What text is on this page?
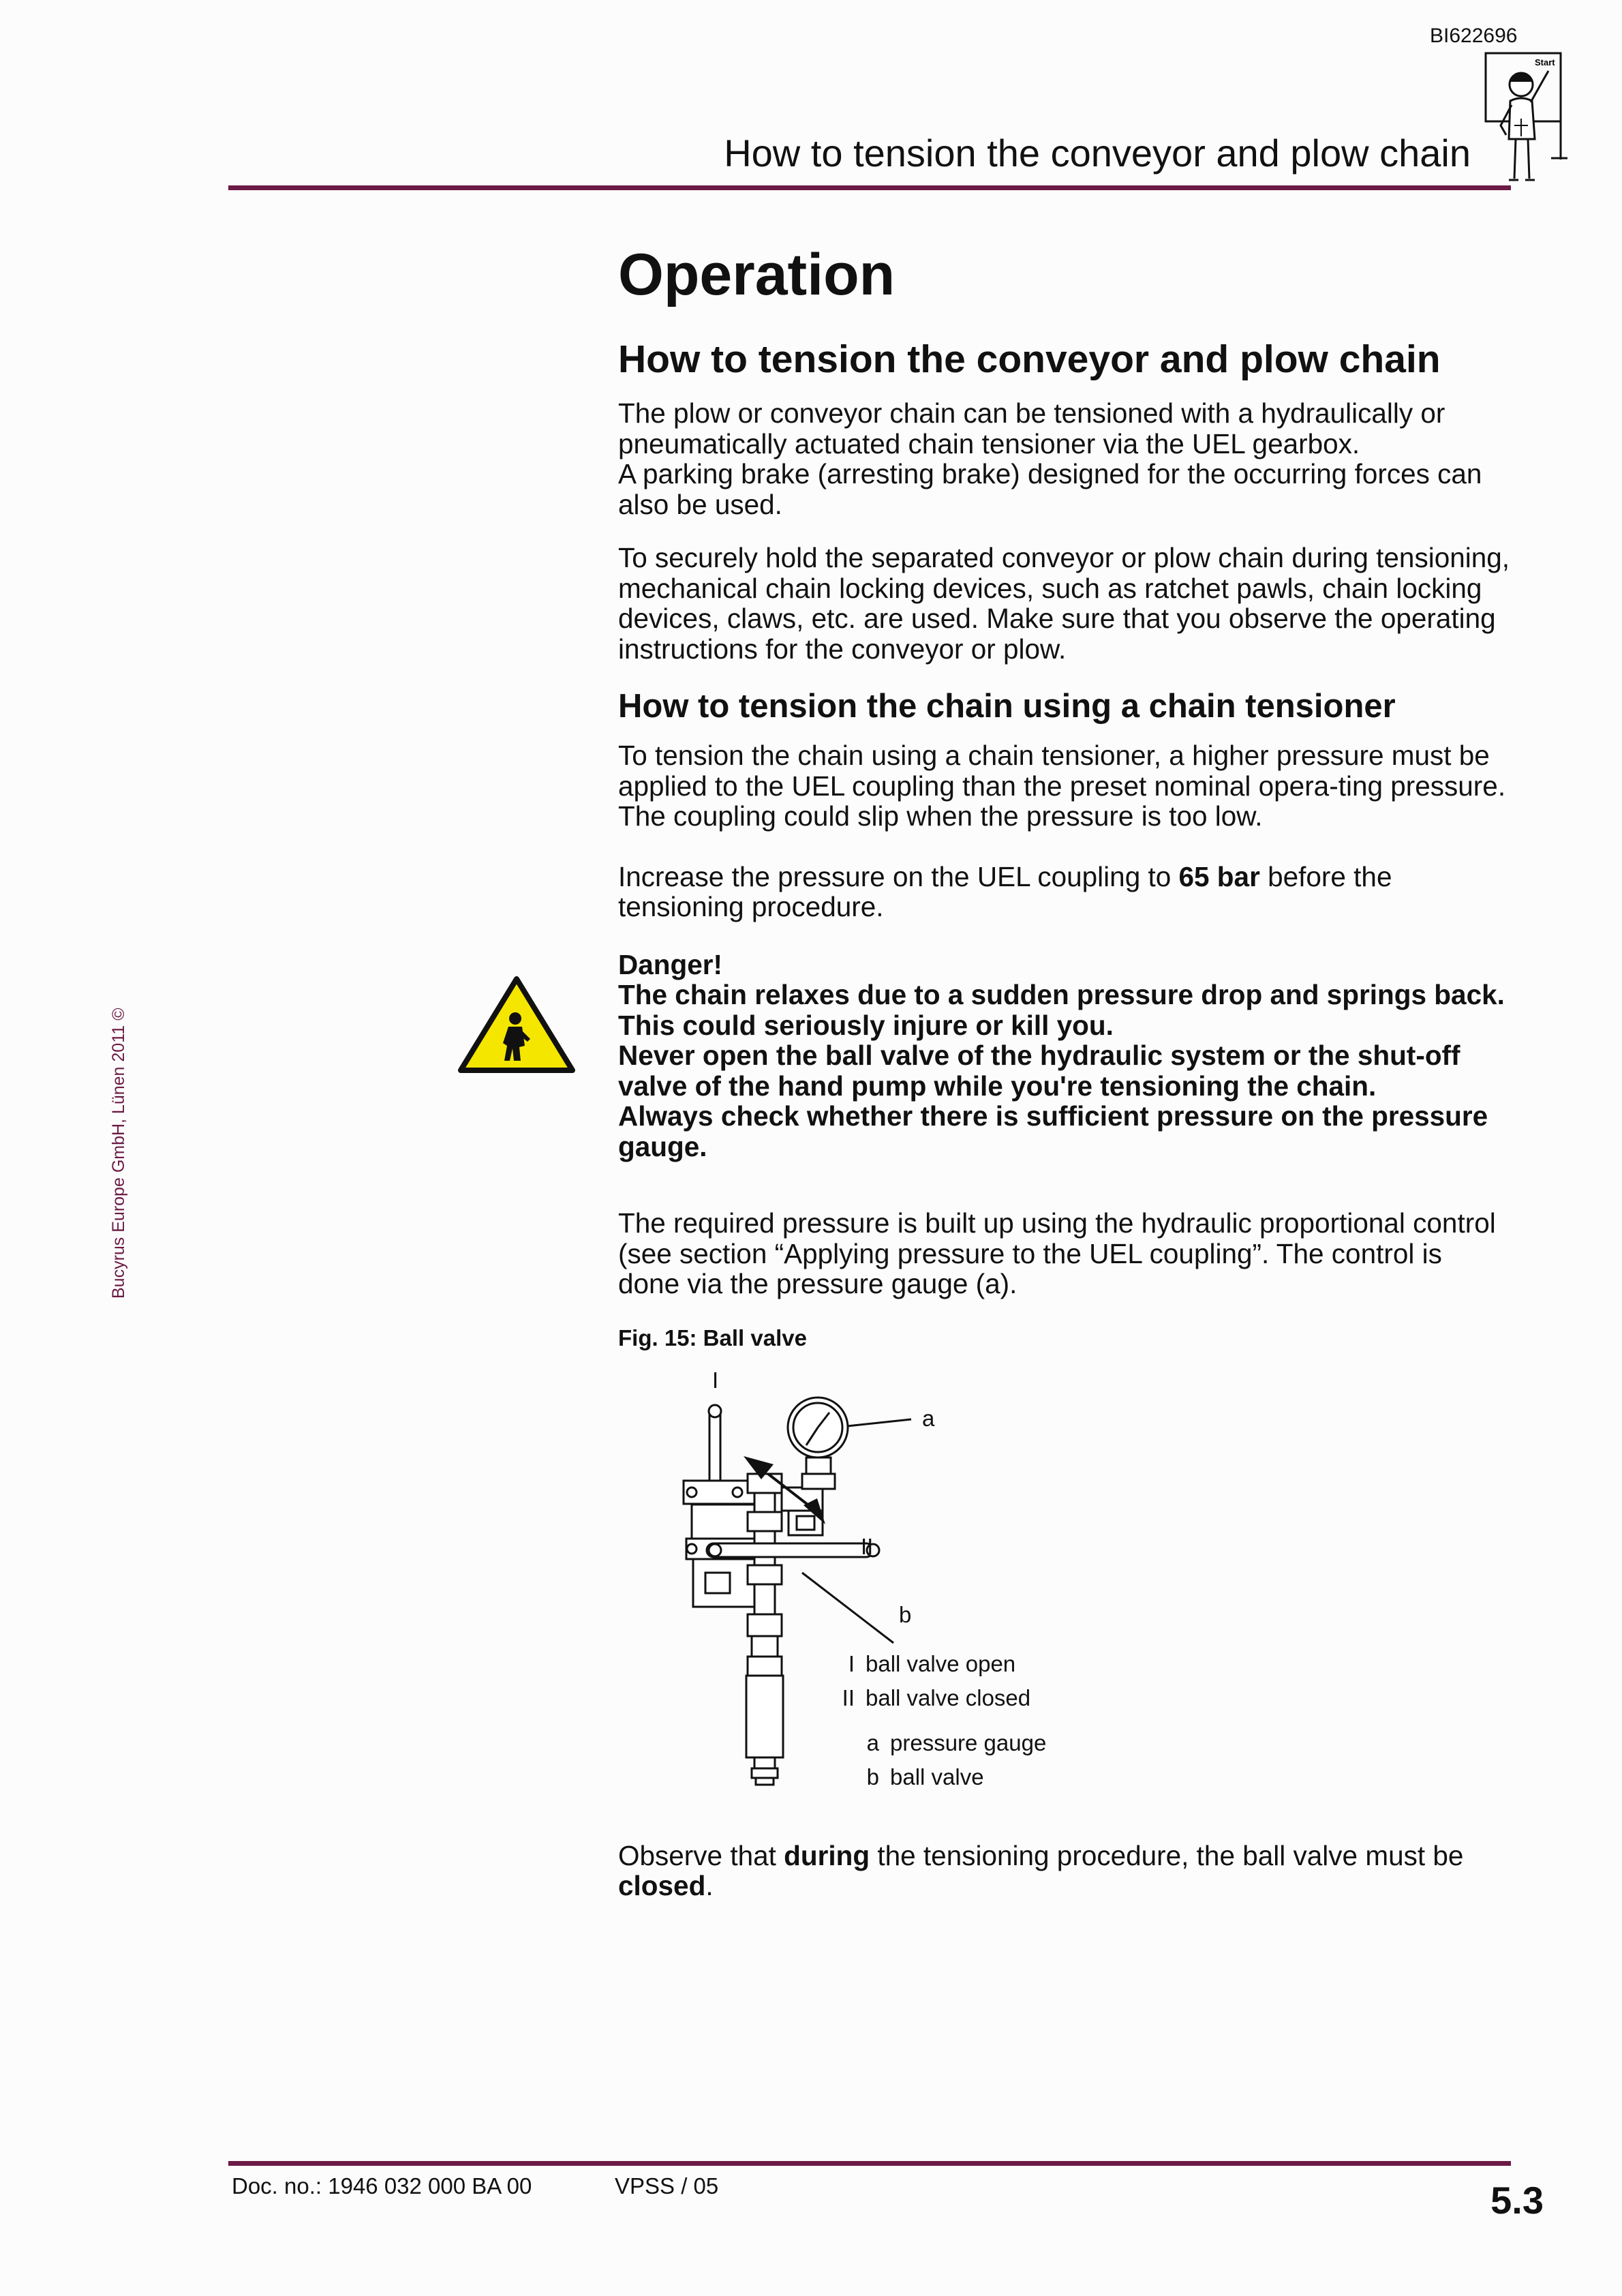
BI622696
Start
How to tension the conveyor and plow chain
Bucyrus Europe GmbH, Lünen 2011 ©
Operation
How to tension the conveyor and plow chain

The plow or conveyor chain can be tensioned with a hydraulically or pneumatically actuated chain tensioner via the UEL gearbox.
A parking brake (arresting brake) designed for the occurring forces can also be used.

To securely hold the separated conveyor or plow chain during tensioning, mechanical chain locking devices, such as ratchet pawls, chain locking devices, claws, etc. are used. Make sure that you observe the operating instructions for the conveyor or plow.

How to tension the chain using a chain tensioner

To tension the chain using a chain tensioner, a higher pressure must be applied to the UEL coupling than the preset nominal opera-ting pressure. The coupling could slip when the pressure is too low.

Increase the pressure on the UEL coupling to 65 bar before the tensioning procedure.

Danger!

The chain relaxes due to a sudden pressure drop and springs back.

This could seriously injure or kill you.

Never open the ball valve of the hydraulic system or the shut-off valve of the hand pump while you're tensioning the chain.

Always check whether there is sufficient pressure on the pressure gauge.

The required pressure is built up using the hydraulic proportional control (see section “Applying pressure to the UEL coupling”. The control is done via the pressure gauge (a).

Fig. 15: Ball valve
I
a
II
b
I ball valve open
II ball valve closed
a pressure gauge
b ball valve

Observe that during the tensioning procedure, the ball valve must be closed.

Doc. no.: 1946 032 000 BA 00	VPSS / 05	5.3
